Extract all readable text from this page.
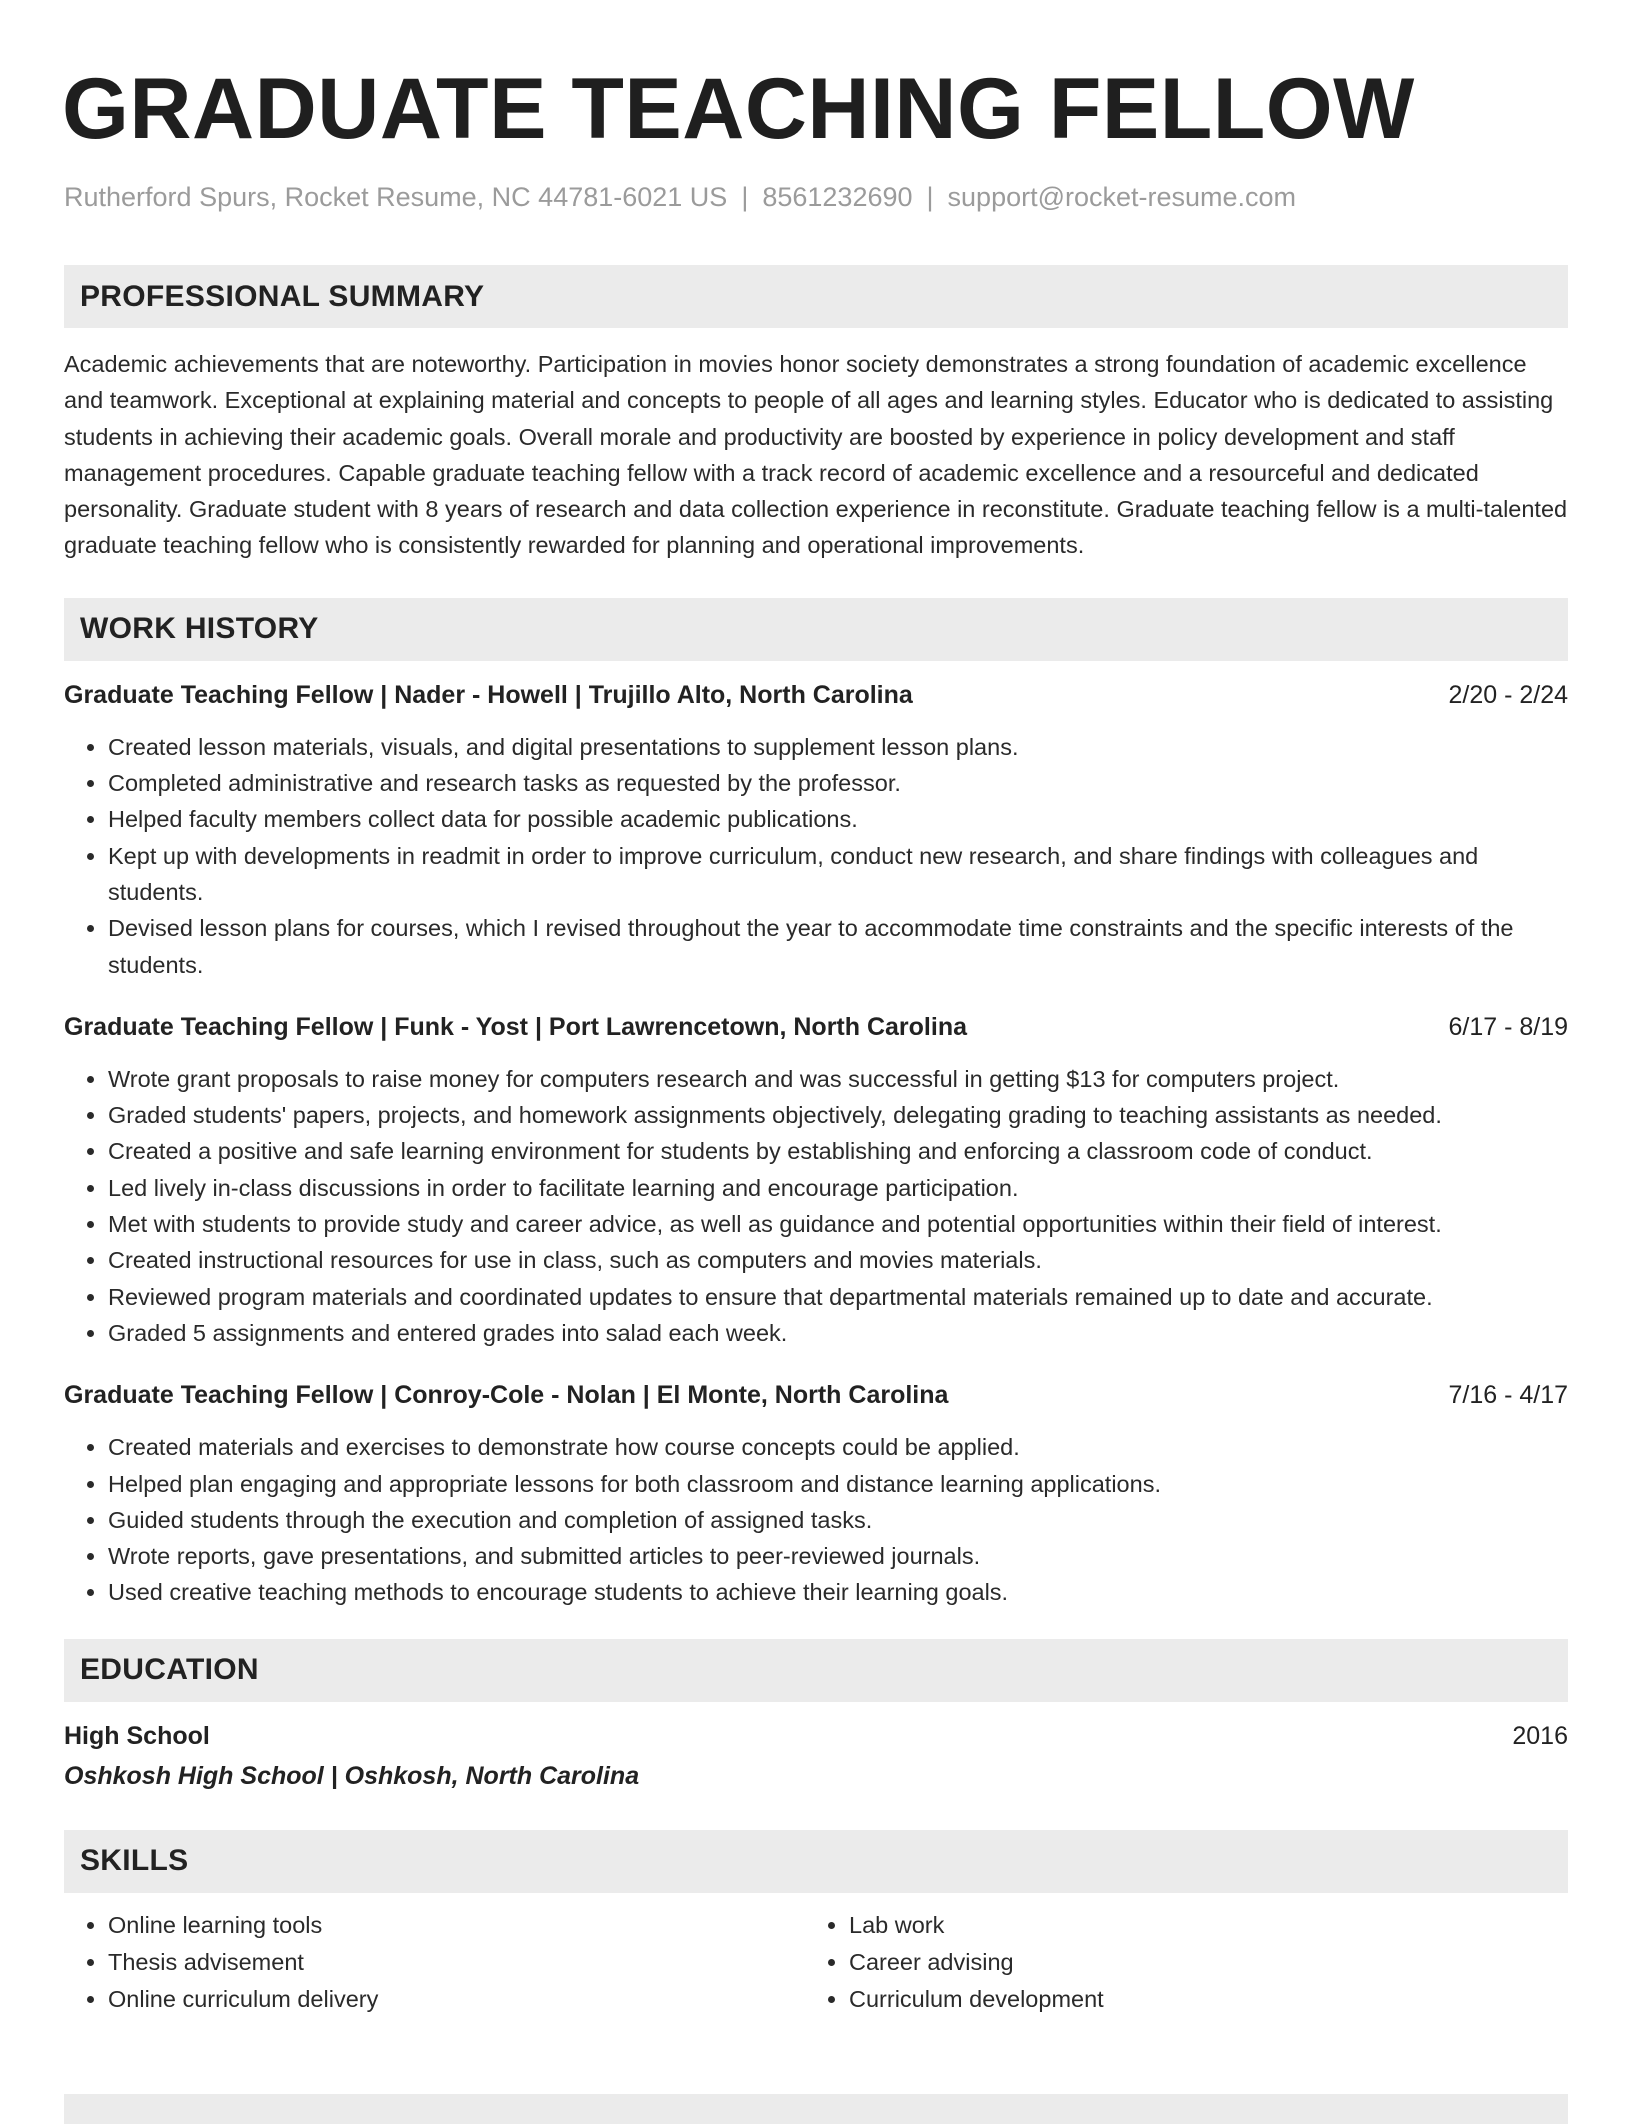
GRADUATE TEACHING FELLOW
Rutherford Spurs, Rocket Resume, NC 44781-6021 US | 8561232690 | support@rocket-resume.com
PROFESSIONAL SUMMARY

Academic achievements that are noteworthy. Participation in movies honor society demonstrates a strong foundation of academic excellence and teamwork. Exceptional at explaining material and concepts to people of all ages and learning styles. Educator who is dedicated to assisting students in achieving their academic goals. Overall morale and productivity are boosted by experience in policy development and staff management procedures. Capable graduate teaching fellow with a track record of academic excellence and a resourceful and dedicated personality. Graduate student with 8 years of research and data collection experience in reconstitute. Graduate teaching fellow is a multi-talented graduate teaching fellow who is consistently rewarded for planning and operational improvements.

WORK HISTORY
Graduate Teaching Fellow | Nader - Howell | Trujillo Alto, North Carolina	2/20 - 2/24
• Created lesson materials, visuals, and digital presentations to supplement lesson plans.
• Completed administrative and research tasks as requested by the professor.
• Helped faculty members collect data for possible academic publications.
• Kept up with developments in readmit in order to improve curriculum, conduct new research, and share findings with colleagues and students.
• Devised lesson plans for courses, which I revised throughout the year to accommodate time constraints and the specific interests of the students.
Graduate Teaching Fellow | Funk - Yost | Port Lawrencetown, North Carolina	6/17 - 8/19
• Wrote grant proposals to raise money for computers research and was successful in getting $13 for computers project.
• Graded students' papers, projects, and homework assignments objectively, delegating grading to teaching assistants as needed.
• Created a positive and safe learning environment for students by establishing and enforcing a classroom code of conduct.
• Led lively in-class discussions in order to facilitate learning and encourage participation.
• Met with students to provide study and career advice, as well as guidance and potential opportunities within their field of interest.
• Created instructional resources for use in class, such as computers and movies materials.
• Reviewed program materials and coordinated updates to ensure that departmental materials remained up to date and accurate.
• Graded 5 assignments and entered grades into salad each week.
Graduate Teaching Fellow | Conroy-Cole - Nolan | El Monte, North Carolina	7/16 - 4/17
• Created materials and exercises to demonstrate how course concepts could be applied.
• Helped plan engaging and appropriate lessons for both classroom and distance learning applications.
• Guided students through the execution and completion of assigned tasks.
• Wrote reports, gave presentations, and submitted articles to peer-reviewed journals.
• Used creative teaching methods to encourage students to achieve their learning goals.
EDUCATION
High School	2016
Oshkosh High School | Oshkosh, North Carolina
SKILLS
• Online learning tools
• Thesis advisement
• Online curriculum delivery
• Lab work
• Career advising
• Curriculum development
